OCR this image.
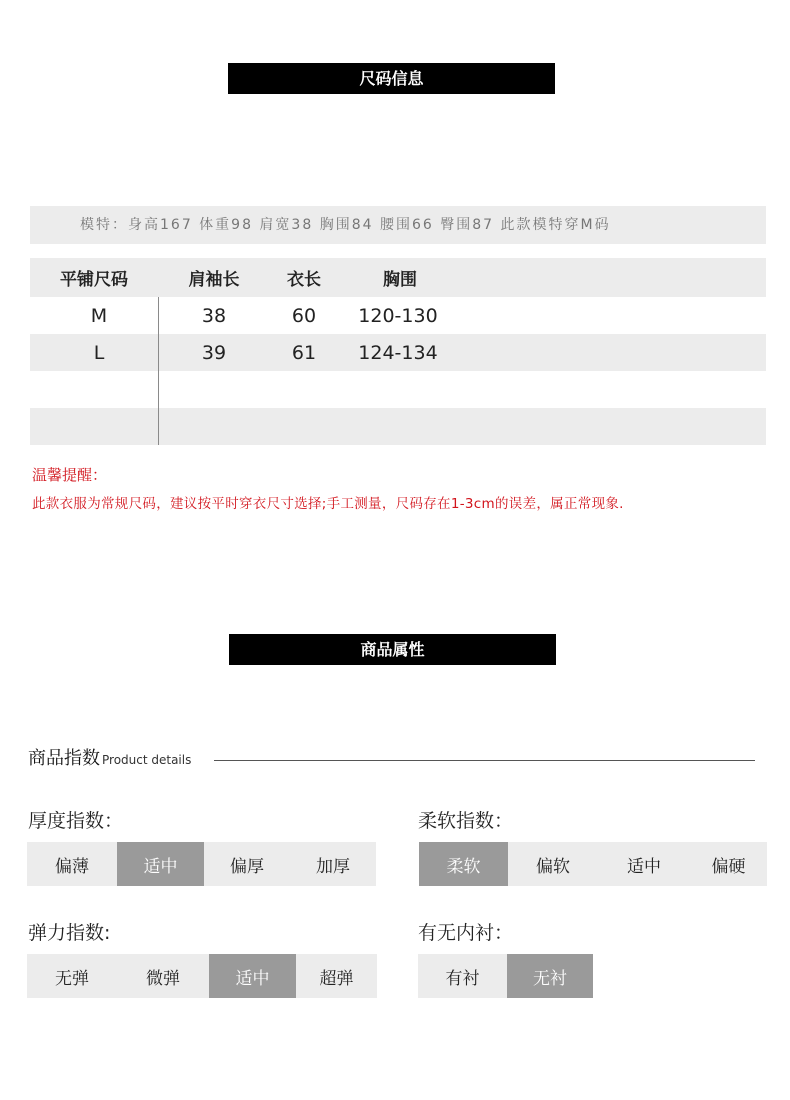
尺码信息
模特：身高167 体重98 肩宽38 胸围84 腰围66 臀围87 此款模特穿M码
平铺尺码	肩袖长	衣长	胸围
M	38	60	120-130
L	39	61	124-134
温馨提醒：
此款衣服为常规尺码，建议按平时穿衣尺寸选择;手工测量，尺码存在1-3cm的误差，属正常现象.
商品属性
商品指数 Product details
厚度指数：
偏薄	适中	偏厚	加厚
柔软指数：
柔软	偏软	适中	偏硬
弹力指数:
无弹	微弹	适中	超弹
有无内衬：
有衬	无衬
